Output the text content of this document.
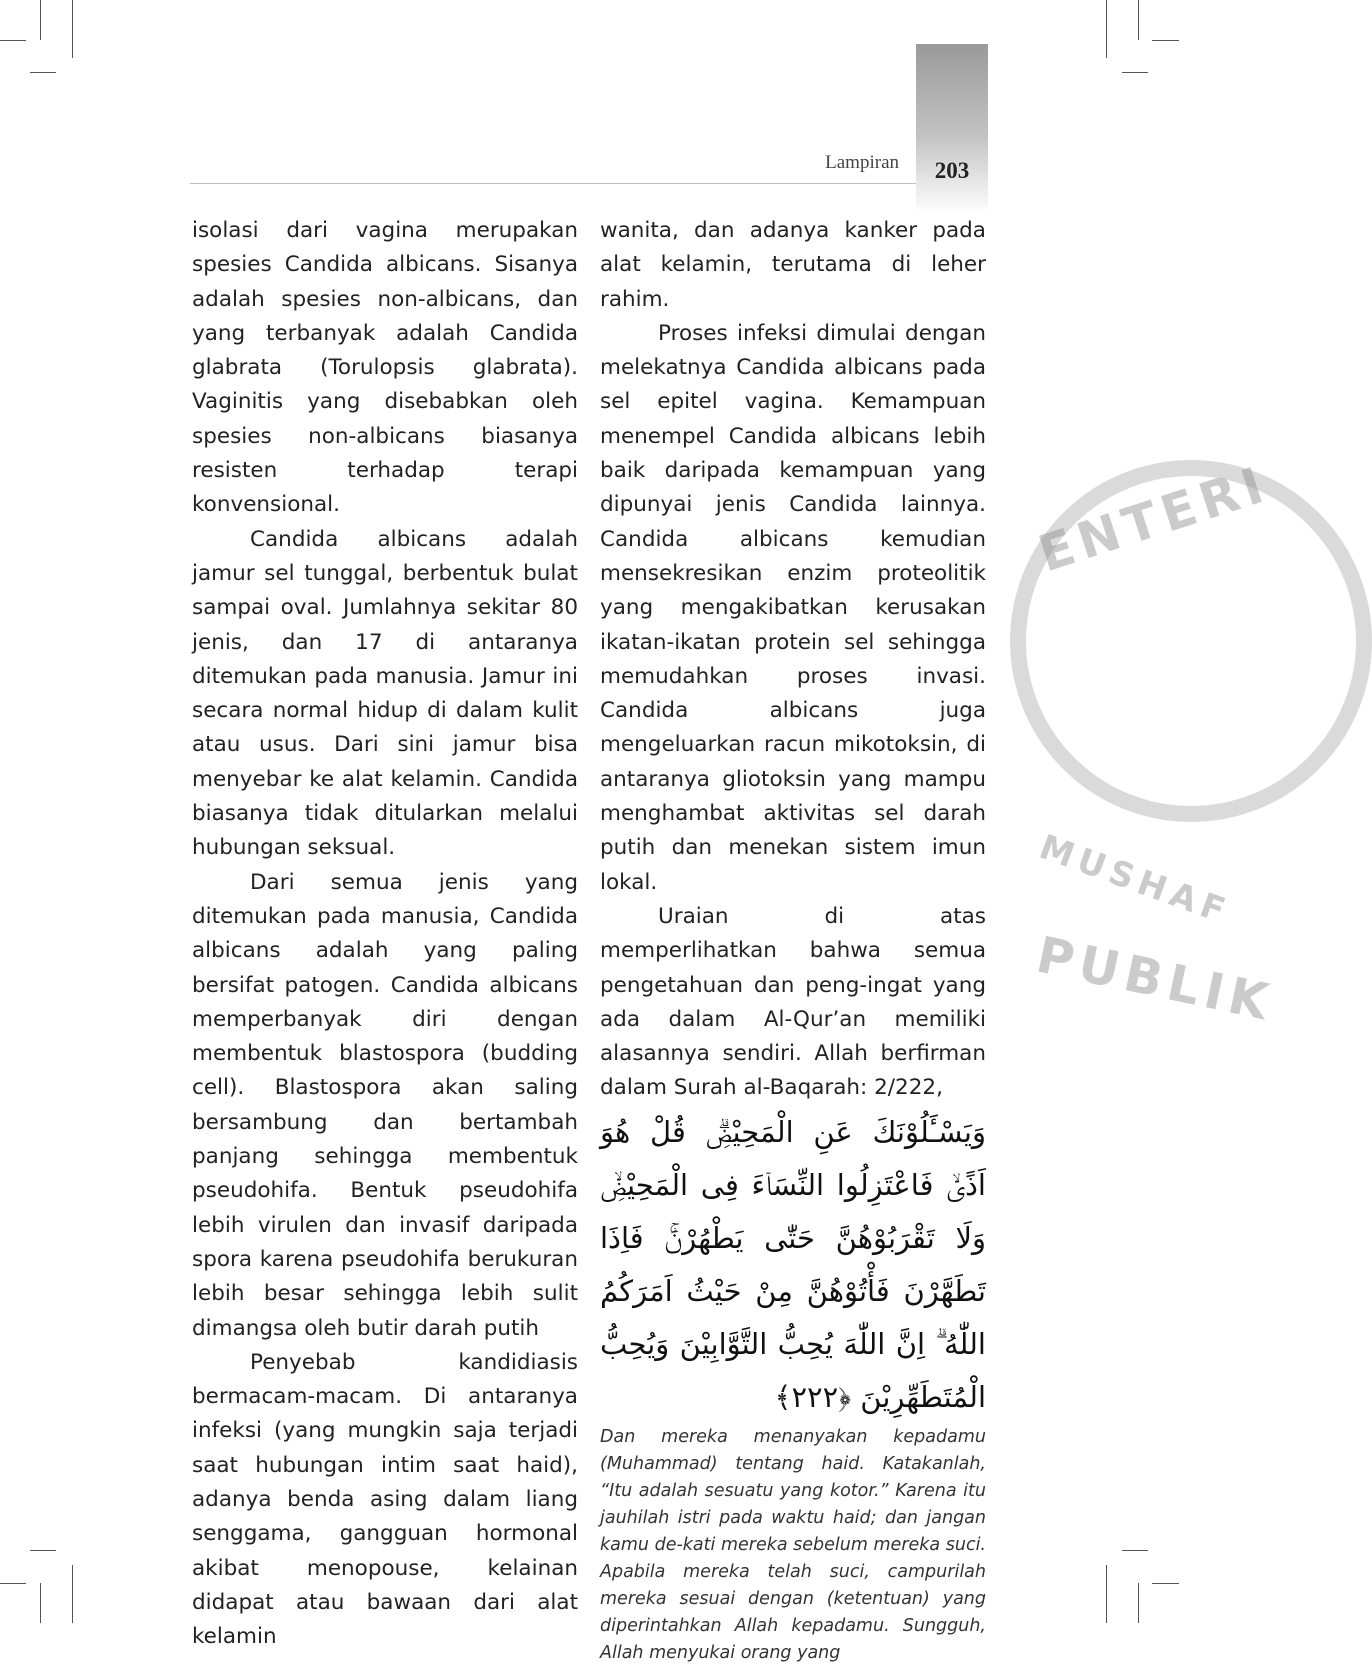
Lampiran	203
ENTERI
MUSHAF
PUBLIK

isolasi dari vagina merupakan spesies Candida albicans. Sisanya adalah spesies non-albicans, dan yang terbanyak adalah Candida glabrata (Torulopsis glabrata). Vaginitis yang disebabkan oleh spesies non-albicans biasanya resisten terhadap terapi konvensional.

Candida albicans adalah jamur sel tunggal, berbentuk bulat sampai oval. Jumlahnya sekitar 80 jenis, dan 17 di antaranya ditemukan pada manusia. Jamur ini secara normal hidup di dalam kulit atau usus. Dari sini jamur bisa menyebar ke alat kelamin. Candida biasanya tidak ditularkan melalui hubungan seksual.

Dari semua jenis yang ditemukan pada manusia, Candida albicans adalah yang paling bersifat patogen. Candida albicans memperbanyak diri dengan membentuk blastospora (budding cell). Blastospora akan saling bersambung dan bertambah panjang sehingga membentuk pseudohifa. Bentuk pseudohifa lebih virulen dan invasif daripada spora karena pseudohifa berukuran lebih besar sehingga lebih sulit dimangsa oleh butir darah putih

Penyebab kandidiasis bermacam-macam. Di antaranya infeksi (yang mungkin saja terjadi saat hubungan intim saat haid), adanya benda asing dalam liang senggama, gangguan hormonal akibat menopouse, kelainan didapat atau bawaan dari alat kelamin

wanita, dan adanya kanker pada alat kelamin, terutama di leher rahim.

Proses infeksi dimulai dengan melekatnya Candida albicans pada sel epitel vagina. Kemampuan menempel Candida albicans lebih baik daripada kemampuan yang dipunyai jenis Candida lainnya. Candida albicans kemudian mensekresikan enzim proteolitik yang mengakibatkan kerusakan ikatan-ikatan protein sel sehingga memudahkan proses invasi. Candida albicans juga mengeluarkan racun mikotoksin, di antaranya gliotoksin yang mampu menghambat aktivitas sel darah putih dan menekan sistem imun lokal.

Uraian di atas memperlihatkan bahwa semua pengetahuan dan peng-ingat yang ada dalam Al-Qur’an memiliki alasannya sendiri. Allah berfirman dalam Surah al-Baqarah: 2/222,

وَيَسْـَٔلُوْنَكَ عَنِ الْمَحِيْضِۗ قُلْ هُوَ اَذًىۙ فَاعْتَزِلُوا النِّسَاۤءَ فِى الْمَحِيْضِۙ وَلَا تَقْرَبُوْهُنَّ حَتّٰى يَطْهُرْنَۚ فَاِذَا تَطَهَّرْنَ فَأْتُوْهُنَّ مِنْ حَيْثُ اَمَرَكُمُ اللّٰهُ ۗ اِنَّ اللّٰهَ يُحِبُّ التَّوَّابِيْنَ وَيُحِبُّ الْمُتَطَهِّرِيْنَ ﴿٢٢٢﴾

Dan mereka menanyakan kepadamu (Muhammad) tentang haid. Katakanlah, “Itu adalah sesuatu yang kotor.” Karena itu jauhilah istri pada waktu haid; dan jangan kamu de-kati mereka sebelum mereka suci. Apabila mereka telah suci, campurilah mereka sesuai dengan (ketentuan) yang diperintahkan Allah kepadamu. Sungguh, Allah menyukai orang yang
